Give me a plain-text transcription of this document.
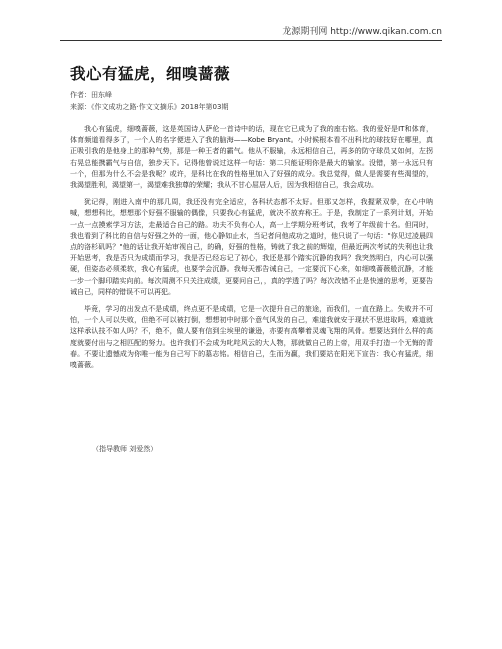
龙源期刊网 http://www.qikan.com.cn
我心有猛虎，细嗅蔷薇
作者：田东峰
来源：《作文成功之路·作文文摘乐》2018年第03期

我心有猛虎，细嗅蔷薇，这是英国诗人萨伦一首诗中的话，现在它已成为了我的座右铭。我的爱好是IT和体育，体育频道看得多了，一个人的名字便进入了我的脑海——Kobe Bryant。小时候根本看不出科比的球技好在哪里，真正吸引我的是他身上的那种气势，那是一种王者的霸气。他从不服输，永远相信自己，再多的防守球员又如何，左拐右晃总能携霸气与自信，独步天下。记得他曾说过这样一句话：第二只能证明你是最大的输家。没错，第一永远只有一个，但那为什么不会是我呢？或许，是科比在我的性格里加入了好强的成分。我总觉得，做人是需要有些渴望的，我渴望胜利，渴望第一，渴望难我独尊的荣耀；我从不甘心屈居人后，因为我相信自己，我会成功。

犹记得，刚进入南中的那几周，我还没有完全适应，各科状态都不太好。但那又怎样，我握紧双拳，在心中呐喊，想想科比，想想那个好强不服输的偶像，只要我心有猛虎，就决不放弃称王。于是，我制定了一系列计划，开始一点一点摸索学习方法，走最适合自己的路。功夫不负有心人，高一上学期分班考试，我考了年级前十名。但同时，我也看到了科比的自信与好强之外的一面，他心静如止水，当记者问他成功之道时，他只说了一句话："你见过凌晨四点的洛杉矶吗？"他的话让我开始审视自己，的确，好强的性格，铸就了我之前的辉煌，但最近两次考试的失利也让我开始思考，我是否只为成绩而学习，我是否已经忘记了初心，我还是那个踏实沉静的我吗？我突然明白，内心可以强硬，但姿态必须柔软，我心有猛虎，也要学会沉静。我每天都告诫自己，一定要沉下心来，如细嗅蔷薇般沉静，才能一步一个脚印踏实向前。每次周测不只关注成绩，更要问自己，，真的学透了吗？每次改错不止是快速的思考，更要告诫自己，同样的错误不可以再犯。

毕竟，学习的出发点不是成绩，终点更不是成绩，它是一次提升自己的旅途，而我们，一直在路上。失败并不可怕，一个人可以失败，但绝不可以被打倒，想想初中时那个意气风发的自己，难道我就安于现状不思进取吗，难道就这样承认技不如人吗？不，绝不，做人要有信到尘埃里的谦逊，亦要有高攀着灵魂飞翔的风骨。想要达到什么样的高度就要付出与之相匹配的努力。也许我们不会成为叱咤风云的大人物，那就做自己的上帝，用双手打造一个无悔的青春。不要让遗憾成为你唯一能为自己写下的墓志铭。相信自己，生而为赢，我们要站在阳光下宣告：我心有猛虎，细嗅蔷薇。

（指导教师 刘爱然）
